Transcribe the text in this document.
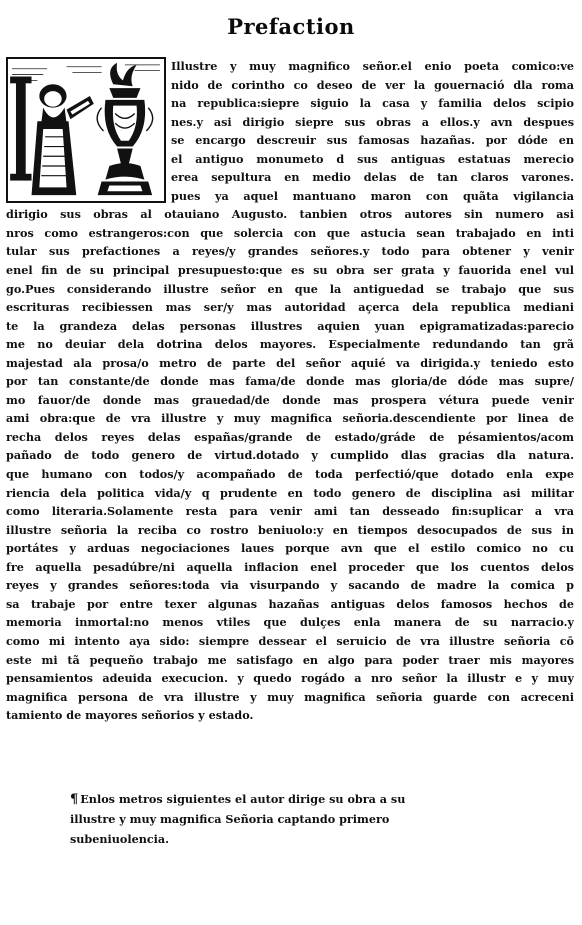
Prefaction
Illustre y muy magnifico señor.el enio poeta comico:ve
nido de corintho co deseo de ver la gouernació dla roma
na republica:siepre siguio la casa y familia delos scipio
nes.y asi dirigio siepre sus obras a ellos.y avn despues
se encargo descreuir sus famosas hazañas. por dóde en
el antiguo monumeto d sus antiguas estatuas merecio
erea sepultura en medio delas de tan claros varones.
pues ya aquel mantuano maron con quãta vigilancia
dirigio sus obras al otauiano Augusto. tanbien otros autores sin numero asi
nros como estrangeros:con que solercia con que astucia sean trabajado en inti
tular sus prefactiones a reyes/y grandes señores.y todo para obtener y venir
enel fin de su principal presupuesto:que es su obra ser grata y fauorida enel vul
go.Pues considerando illustre señor en que la antiguedad se trabajo que sus
escrituras recibiessen mas ser/y mas autoridad açerca dela republica mediani
te la grandeza delas personas illustres aquien yuan epigramatizadas:parecio
me no deuiar dela dotrina delos mayores. Especialmente redundando tan grã
majestad ala prosa/o metro de parte del señor aquié va dirigida.y teniedo esto
por tan constante/de donde mas fama/de donde mas gloria/de dóde mas supre/
mo fauor/de donde mas grauedad/de donde mas prospera vétura puede venir
ami obra:que de vra illustre y muy magnifica señoria.descendiente por linea de
recha delos reyes delas españas/grande de estado/gráde de pésamientos/acom
pañado de todo genero de virtud.dotado y cumplido dlas gracias dla natura.
que humano con todos/y acompañado de toda perfectió/que dotado enla expe
riencia dela politica vida/y q prudente en todo genero de disciplina asi militar
como literaria.Solamente resta para venir ami tan desseado fin:suplicar a vra
illustre señoria la reciba co rostro beniuolo:y en tiempos desocupados de sus in
portátes y arduas negociaciones laues porque avn que el estilo comico no cu
fre aquella pesadúbre/ni aquella inflacion enel proceder que los cuentos delos
reyes y grandes señores:toda via visurpando y sacando de madre la comica p
sa trabaje por entre texer algunas hazañas antiguas delos famosos hechos de
memoria inmortal:no menos vtiles que dulçes enla manera de su narracio.y
como mi intento aya sido: siempre dessear el seruicio de vra illustre señoria cō
este mi tã pequeño trabajo me satisfago en algo para poder traer mis mayores
pensamientos adeuida execucion. y quedo rogádo a nro señor la illustr e y muy
magnifica persona de vra illustre y muy magnifica señoria guarde con acreceni
tamiento de mayores señorios y estado.
¶ Enlos metros siguientes el autor dirige su obra a su
illustre y muy magnifica Señoria captando primero
subeniuolencia.
